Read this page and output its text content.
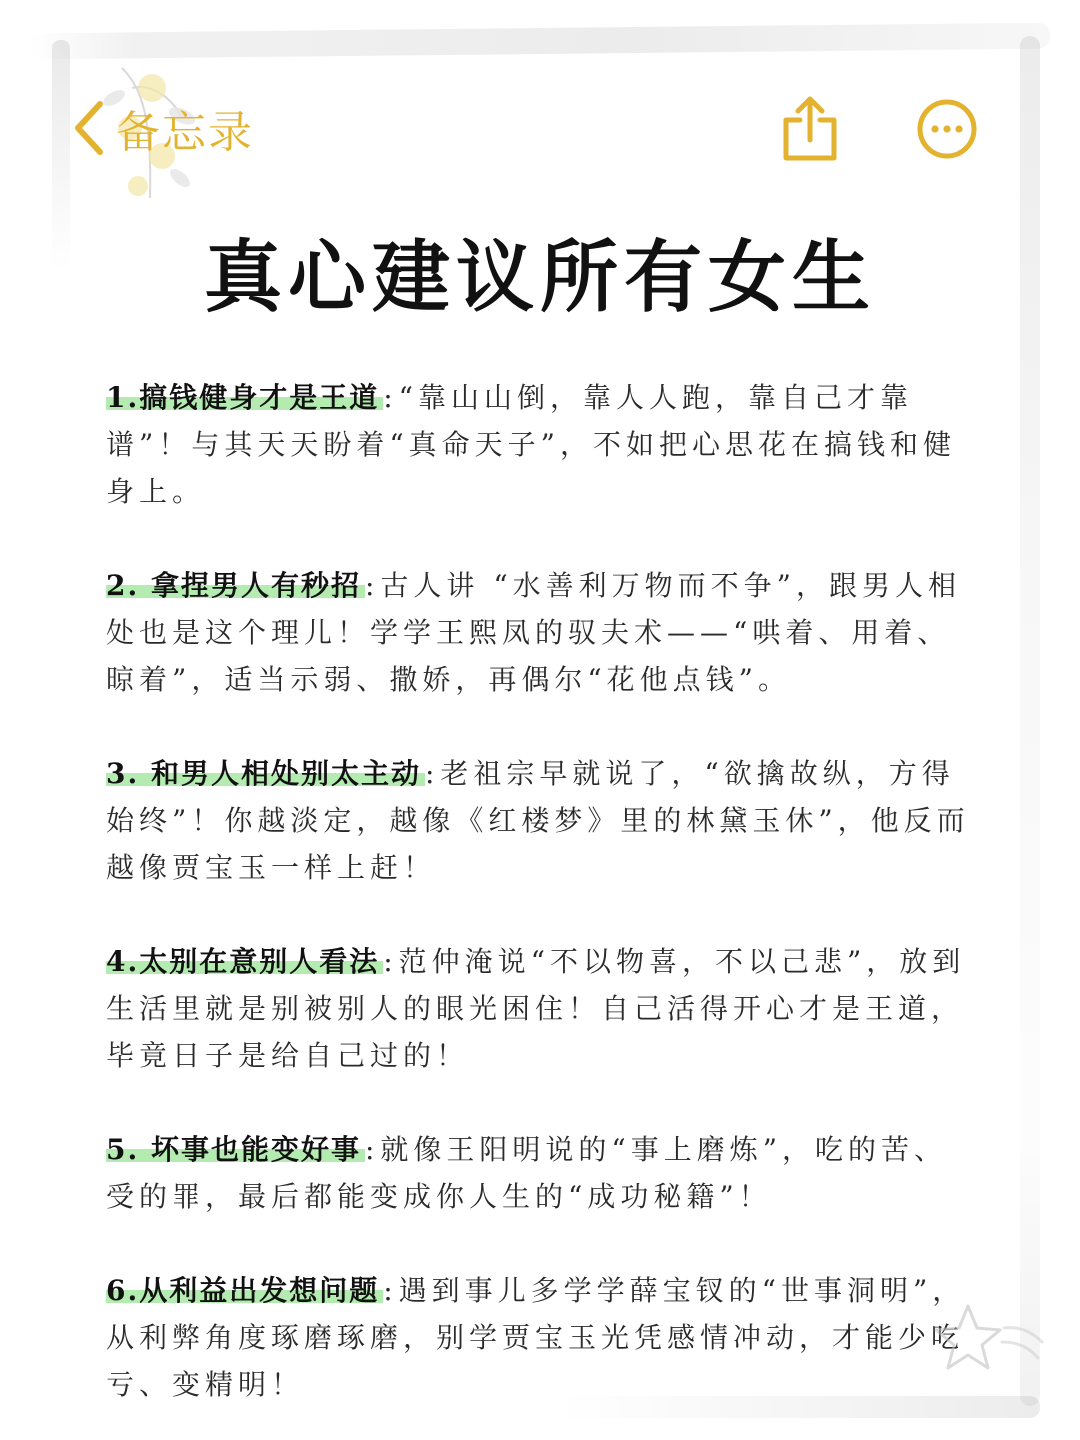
备忘录
真心建议所有女生

1.搞钱健身才是王道 :“靠山山倒，靠人人跑，靠自己才靠谱”！与其天天盼着“真命天子”，不如把心思花在搞钱和健身上。

2. 拿捏男人有秒招 :古人讲 “水善利万物而不争”，跟男人相处也是这个理儿！学学王熙凤的驭夫术——“哄着、用着、晾着”，适当示弱、撒娇，再偶尔“花他点钱”。

3. 和男人相处别太主动 :老祖宗早就说了，“欲擒故纵，方得始终”！你越淡定，越像《红楼梦》里的林黛玉休”，他反而越像贾宝玉一样上赶！

4.太别在意别人看法 :范仲淹说“不以物喜，不以己悲”，放到生活里就是别被别人的眼光困住！自己活得开心才是王道，毕竟日子是给自己过的！

5. 坏事也能变好事 :就像王阳明说的“事上磨炼”，吃的苦、受的罪，最后都能变成你人生的“成功秘籍”！

6.从利益出发想问题 :遇到事儿多学学薛宝钗的“世事洞明”，从利弊角度琢磨琢磨，别学贾宝玉光凭感情冲动，才能少吃亏、变精明！
